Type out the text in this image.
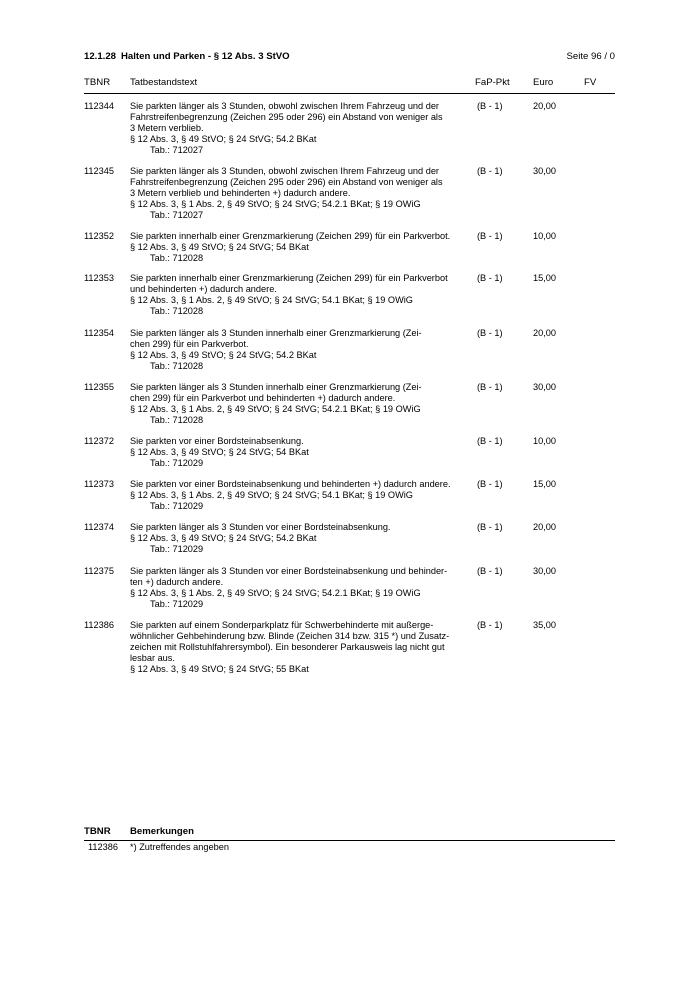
12.1.28 Halten und Parken - § 12 Abs. 3 StVO	Seite 96 / 0
TBNR Tatbestandstext	FaP-Pkt Euro	FV
112344 Sie parkten länger als 3 Stunden, obwohl zwischen Ihrem Fahrzeug und der
Fahrstreifenbegrenzung (Zeichen 295 oder 296) ein Abstand von weniger als
3 Metern verblieb.
§ 12 Abs. 3, § 49 StVO; § 24 StVG; 54.2 BKat
Tab.: 712027
(B - 1)	20,00
112345 Sie parkten länger als 3 Stunden, obwohl zwischen Ihrem Fahrzeug und der
Fahrstreifenbegrenzung (Zeichen 295 oder 296) ein Abstand von weniger als
3 Metern verblieb und behinderten +) dadurch andere.
§ 12 Abs. 3, § 1 Abs. 2, § 49 StVO; § 24 StVG; 54.2.1 BKat; § 19 OWiG
Tab.: 712027
(B - 1)	30,00
112352 Sie parkten innerhalb einer Grenzmarkierung (Zeichen 299) für ein Parkverbot.
§ 12 Abs. 3, § 49 StVO; § 24 StVG; 54 BKat
Tab.: 712028
(B - 1)	10,00
112353 Sie parkten innerhalb einer Grenzmarkierung (Zeichen 299) für ein Parkverbot
und behinderten +) dadurch andere.
§ 12 Abs. 3, § 1 Abs. 2, § 49 StVO; § 24 StVG; 54.1 BKat; § 19 OWiG
Tab.: 712028
(B - 1)	15,00
112354 Sie parkten länger als 3 Stunden innerhalb einer Grenzmarkierung (Zei-
chen 299) für ein Parkverbot.
§ 12 Abs. 3, § 49 StVO; § 24 StVG; 54.2 BKat
Tab.: 712028
(B - 1)	20,00
112355 Sie parkten länger als 3 Stunden innerhalb einer Grenzmarkierung (Zei-
chen 299) für ein Parkverbot und behinderten +) dadurch andere.
§ 12 Abs. 3, § 1 Abs. 2, § 49 StVO; § 24 StVG; 54.2.1 BKat; § 19 OWiG
Tab.: 712028
(B - 1)	30,00
112372 Sie parkten vor einer Bordsteinabsenkung.
§ 12 Abs. 3, § 49 StVO; § 24 StVG; 54 BKat
Tab.: 712029
(B - 1)	10,00
112373 Sie parkten vor einer Bordsteinabsenkung und behinderten +) dadurch andere.
§ 12 Abs. 3, § 1 Abs. 2, § 49 StVO; § 24 StVG; 54.1 BKat; § 19 OWiG
Tab.: 712029
(B - 1)	15,00
112374 Sie parkten länger als 3 Stunden vor einer Bordsteinabsenkung.
§ 12 Abs. 3, § 49 StVO; § 24 StVG; 54.2 BKat
Tab.: 712029
(B - 1)	20,00
112375 Sie parkten länger als 3 Stunden vor einer Bordsteinabsenkung und behinder-
ten +) dadurch andere.
§ 12 Abs. 3, § 1 Abs. 2, § 49 StVO; § 24 StVG; 54.2.1 BKat; § 19 OWiG
Tab.: 712029
(B - 1)	30,00
112386 Sie parkten auf einem Sonderparkplatz für Schwerbehinderte mit außerge-
wöhnlicher Gehbehinderung bzw. Blinde (Zeichen 314 bzw. 315 *) und Zusatz-
zeichen mit Rollstuhlfahrersymbol). Ein besonderer Parkausweis lag nicht gut
lesbar aus.
§ 12 Abs. 3, § 49 StVO; § 24 StVG; 55 BKat
(B - 1)	35,00
TBNR Bemerkungen
112386 *) Zutreffendes angeben
